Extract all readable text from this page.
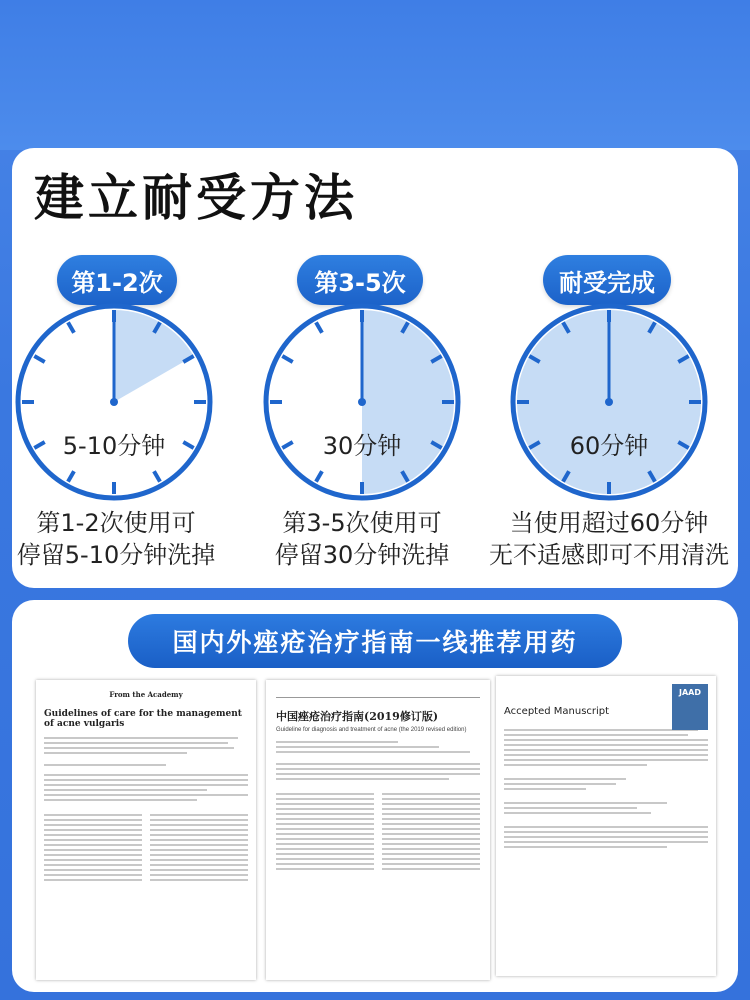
建立耐受方法
第1-2次
5-10分钟
第1-2次使用可
停留5-10分钟洗掉
第3-5次
30分钟
第3-5次使用可
停留30分钟洗掉
耐受完成
60分钟
当使用超过60分钟
无不适感即可不用清洗
国内外痤疮治疗指南一线推荐用药
From the Academy
Guidelines of care for the management of acne vulgaris
中国痤疮治疗指南(2019修订版)
Guideline for diagnosis and treatment of acne (the 2019 revised edition)
JAAD
Accepted Manuscript
